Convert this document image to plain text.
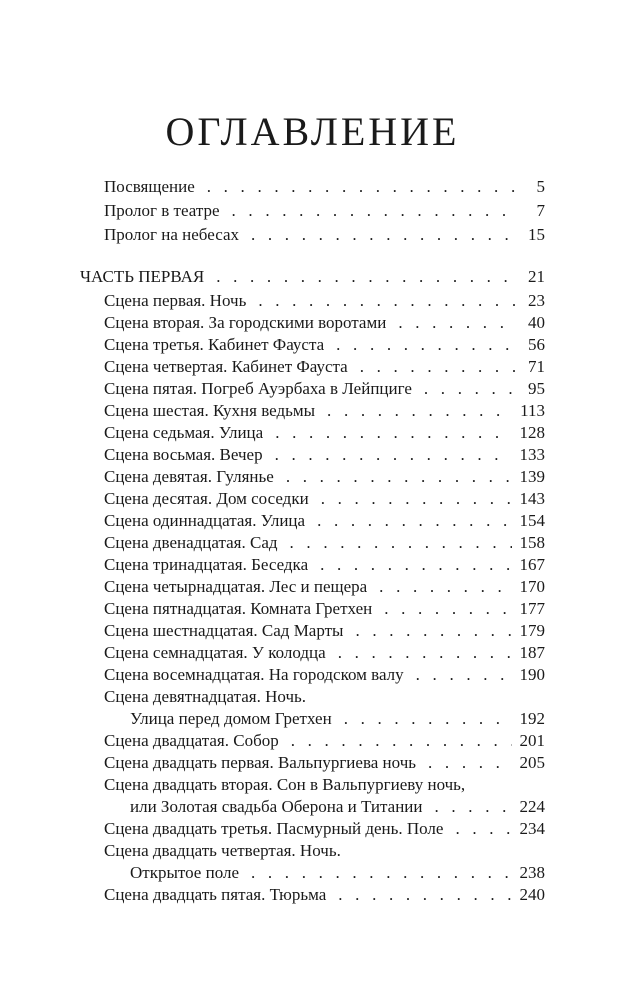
ОГЛАВЛЕНИЕ
Посвящение . . .	5
Пролог в театре . . .	7
Пролог на небесах . . .	15
ЧАСТЬ ПЕРВАЯ . . .	21
Сцена первая. Ночь . . .	23
Сцена вторая. За городскими воротами . . .	40
Сцена третья. Кабинет Фауста . . .	56
Сцена четвертая. Кабинет Фауста . . .	71
Сцена пятая. Погреб Ауэрбаха в Лейпциге . . .	95
Сцена шестая. Кухня ведьмы . . .	113
Сцена седьмая. Улица . . .	128
Сцена восьмая. Вечер . . .	133
Сцена девятая. Гулянье . . .	139
Сцена десятая. Дом соседки . . .	143
Сцена одиннадцатая. Улица . . .	154
Сцена двенадцатая. Сад . . .	158
Сцена тринадцатая. Беседка . . .	167
Сцена четырнадцатая. Лес и пещера . . .	170
Сцена пятнадцатая. Комната Гретхен . . .	177
Сцена шестнадцатая. Сад Марты . . .	179
Сцена семнадцатая. У колодца . . .	187
Сцена восемнадцатая. На городском валу . . .	190
Сцена девятнадцатая. Ночь.
Улица перед домом Гретхен . . .	192
Сцена двадцатая. Собор . . .	201
Сцена двадцать первая. Вальпургиева ночь . . .	205
Сцена двадцать вторая. Сон в Вальпургиеву ночь,
или Золотая свадьба Оберона и Титании . . .	224
Сцена двадцать третья. Пасмурный день. Поле . . .	234
Сцена двадцать четвертая. Ночь.
Открытое поле . . .	238
Сцена двадцать пятая. Тюрьма . . .	240
